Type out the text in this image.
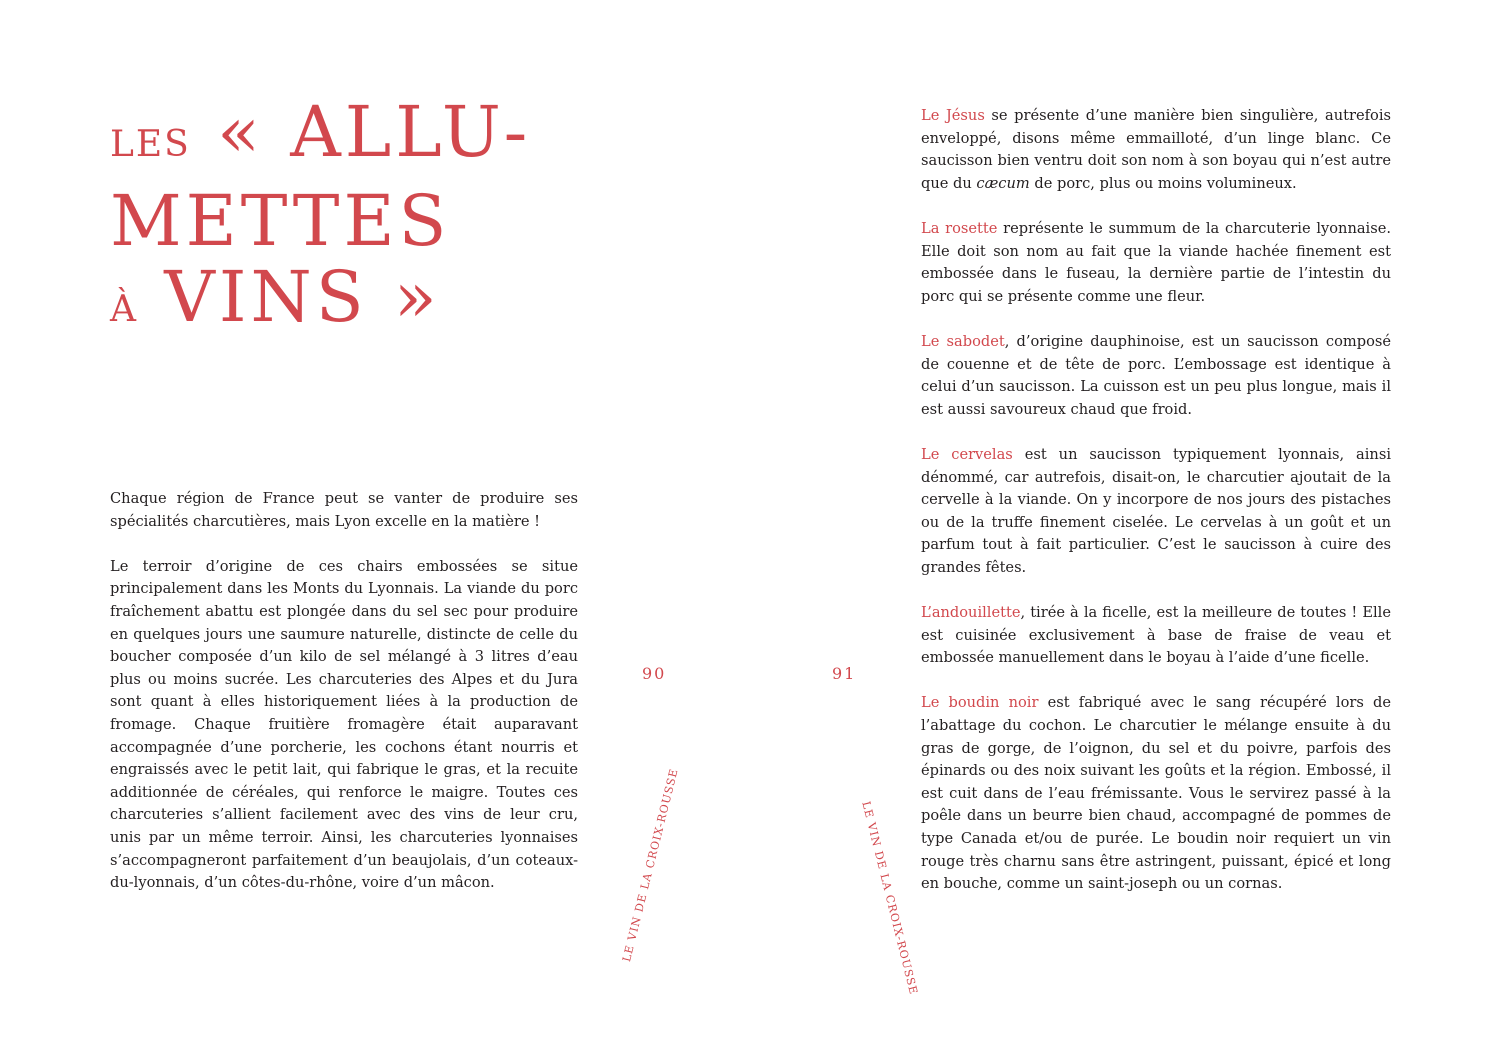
LES « ALLU-
METTES
À VINS »

Chaque région de France peut se vanter de produire ses spécialités charcutières, mais Lyon excelle en la matière !

Le terroir d’origine de ces chairs embossées se situe principalement dans les Monts du Lyonnais. La viande du porc fraîchement abattu est plongée dans du sel sec pour produire en quelques jours une saumure naturelle, distincte de celle du boucher composée d’un kilo de sel mélangé à 3 litres d’eau plus ou moins sucrée. Les charcuteries des Alpes et du Jura sont quant à elles historiquement liées à la production de fromage. Chaque fruitière fromagère était auparavant accompagnée d’une porcherie, les cochons étant nourris et engraissés avec le petit lait, qui fabrique le gras, et la recuite additionnée de céréales, qui renforce le maigre. Toutes ces charcuteries s’allient facilement avec des vins de leur cru, unis par un même terroir. Ainsi, les charcuteries lyonnaises s’accompagneront parfaitement d’un beaujolais, d’un coteaux-du-lyonnais, d’un côtes-du-rhône, voire d’un mâcon.

90
LE VIN DE LA CROIX-ROUSSE

Le Jésus se présente d’une manière bien singulière, autrefois enveloppé, disons même emmailloté, d’un linge blanc. Ce saucisson bien ventru doit son nom à son boyau qui n’est autre que du cæcum de porc, plus ou moins volumineux.

La rosette représente le summum de la charcuterie lyonnaise. Elle doit son nom au fait que la viande hachée finement est embossée dans le fuseau, la dernière partie de l’intestin du porc qui se présente comme une fleur.

Le sabodet, d’origine dauphinoise, est un saucisson composé de couenne et de tête de porc. L’embossage est identique à celui d’un saucisson. La cuisson est un peu plus longue, mais il est aussi savoureux chaud que froid.

Le cervelas est un saucisson typiquement lyonnais, ainsi dénommé, car autrefois, disait-on, le charcutier ajoutait de la cervelle à la viande. On y incorpore de nos jours des pistaches ou de la truffe finement ciselée. Le cervelas à un goût et un parfum tout à fait particulier. C’est le saucisson à cuire des grandes fêtes.

L’andouillette, tirée à la ficelle, est la meilleure de toutes ! Elle est cuisinée exclusivement à base de fraise de veau et embossée manuellement dans le boyau à l’aide d’une ficelle.

Le boudin noir est fabriqué avec le sang récupéré lors de l’abattage du cochon. Le charcutier le mélange ensuite à du gras de gorge, de l’oignon, du sel et du poivre, parfois des épinards ou des noix suivant les goûts et la région. Embossé, il est cuit dans de l’eau frémissante. Vous le servirez passé à la poêle dans un beurre bien chaud, accompagné de pommes de type Canada et/ou de purée. Le boudin noir requiert un vin rouge très charnu sans être astringent, puissant, épicé et long en bouche, comme un saint-joseph ou un cornas.

91
LE VIN DE LA CROIX-ROUSSE
